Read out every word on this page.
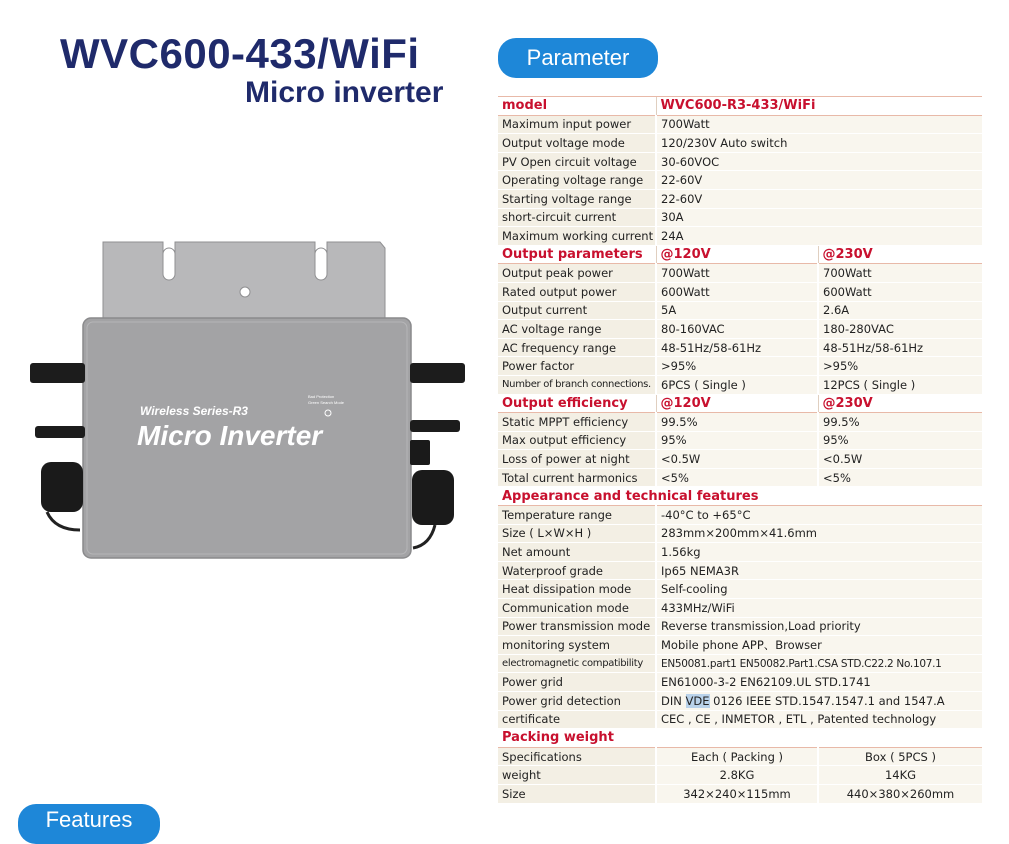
WVC600-433/WiFi
Micro inverter
Parameter
Features
Wireless Series-R3
Micro Inverter
Bad Protection
Green Search Mode
model	WVC600-R3-433/WiFi	
Maximum input power	700Watt	
Output voltage mode	120/230V Auto switch	
PV Open circuit voltage	30-60VOC	
Operating voltage range	22-60V	
Starting voltage range	22-60V	
short-circuit current	30A	
Maximum working current	24A	
Output parameters	@120V	@230V
Output peak power	700Watt	700Watt
Rated output power	600Watt	600Watt
Output current	5A	2.6A
AC voltage range	80-160VAC	180-280VAC
AC frequency range	48-51Hz/58-61Hz	48-51Hz/58-61Hz
Power factor	>95%	>95%
Number of branch connections.	6PCS ( Single )	12PCS ( Single )
Output efficiency	@120V	@230V
Static MPPT efficiency	99.5%	99.5%
Max output efficiency	95%	95%
Loss of power at night	<0.5W	<0.5W
Total current harmonics	<5%	<5%
Appearance and technical features		
Temperature range	-40°C to +65°C	
Size ( L×W×H )	283mm×200mm×41.6mm	
Net amount	1.56kg	
Waterproof grade	Ip65 NEMA3R	
Heat dissipation mode	Self-cooling	
Communication mode	433MHz/WiFi	
Power transmission mode	Reverse transmission,Load priority	
monitoring system	Mobile phone APP、Browser	
electromagnetic compatibility	EN50081.part1 EN50082.Part1.CSA STD.C22.2 No.107.1	
Power grid	EN61000-3-2 EN62109.UL STD.1741	
Power grid detection	DIN VDE 0126 IEEE STD.1547.1547.1 and 1547.A	
certificate	CEC , CE , INMETOR , ETL , Patented technology	
Packing weight		
Specifications	Each ( Packing )	Box ( 5PCS )
weight	2.8KG	14KG
Size	342×240×115mm	440×380×260mm
